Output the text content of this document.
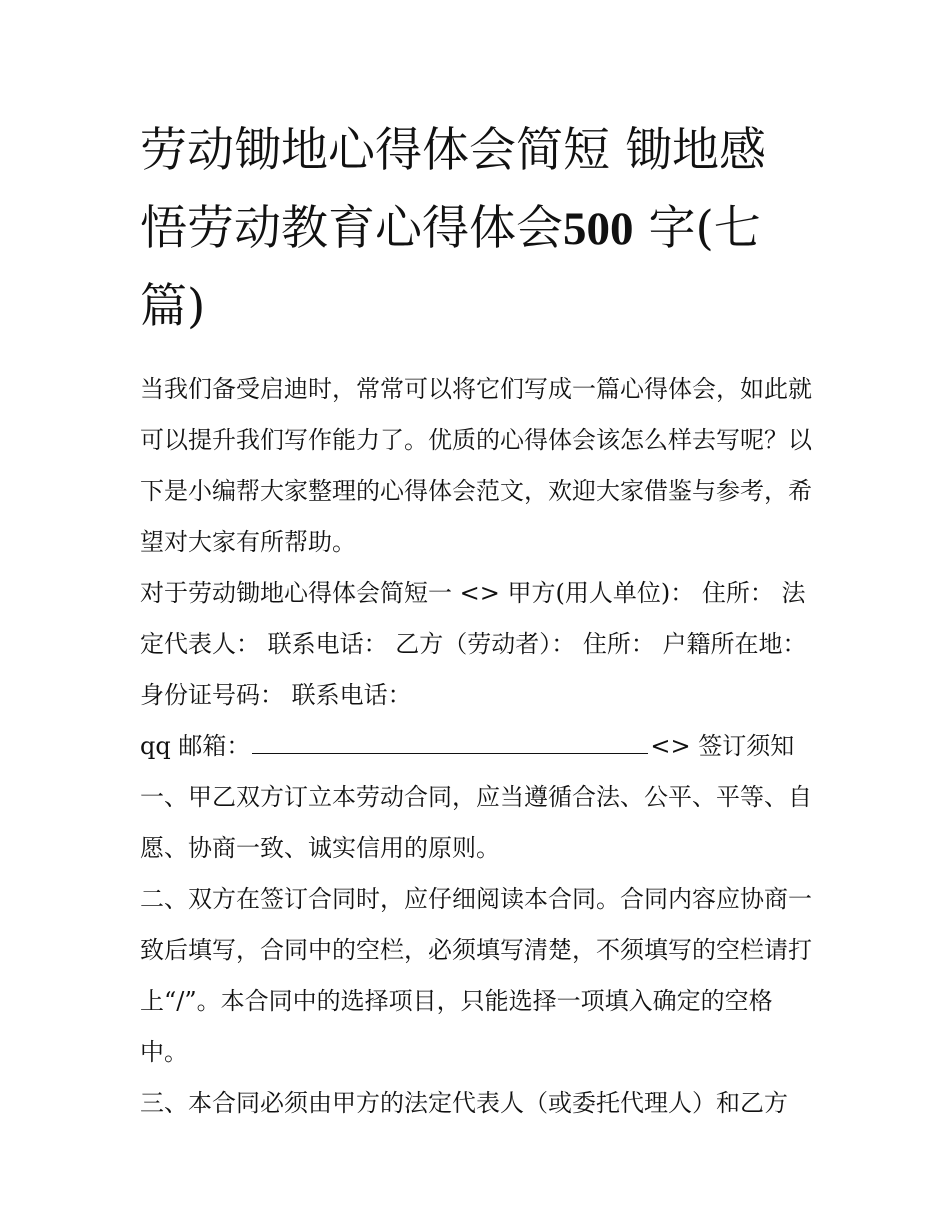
劳动锄地心得体会简短 锄地感悟劳动教育心得体会500 字(七篇)

当我们备受启迪时，常常可以将它们写成一篇心得体会，如此就可以提升我们写作能力了。优质的心得体会该怎么样去写呢？以下是小编帮大家整理的心得体会范文，欢迎大家借鉴与参考，希望对大家有所帮助。

对于劳动锄地心得体会简短一 <> 甲方(用人单位)： 住所： 法定代表人： 联系电话： 乙方（劳动者）： 住所： 户籍所在地： 身份证号码： 联系电话：

qq 邮箱：	<> 签订须知

一、甲乙双方订立本劳动合同，应当遵循合法、公平、平等、自愿、协商一致、诚实信用的原则。

二、双方在签订合同时，应仔细阅读本合同。合同内容应协商一致后填写，合同中的空栏，必须填写清楚，不须填写的空栏请打上“/”。本合同中的选择项目，只能选择一项填入确定的空格中。

三、本合同必须由甲方的法定代表人（或委托代理人）和乙方
